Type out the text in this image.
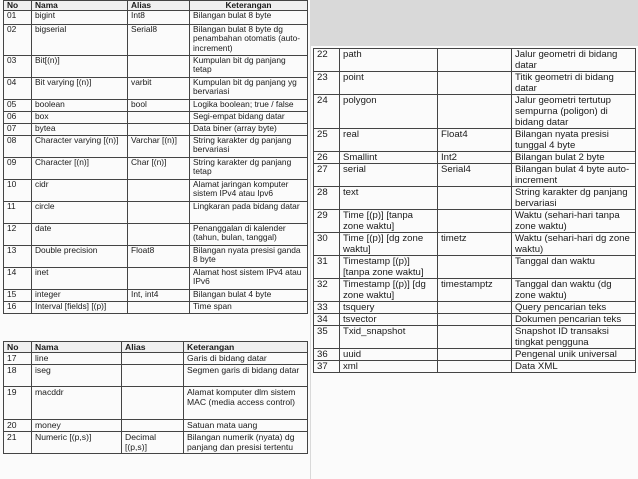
No	Nama	Alias	Keterangan
01	bigint	Int8	Bilangan bulat 8 byte
02	bigserial	Serial8	Bilangan bulat 8 byte dg penambahan otomatis (auto-increment)
03	Bit[(n)]		Kumpulan bit dg panjang tetap
04	Bit varying [(n)]	varbit	Kumpulan bit dg panjang yg bervariasi
05	boolean	bool	Logika boolean; true / false
06	box		Segi-empat bidang datar
07	bytea		Data biner (array byte)
08	Character varying [(n)]	Varchar [(n)]	String karakter dg panjang bervariasi
09	Character [(n)]	Char [(n)]	String karakter dg panjang tetap
10	cidr		Alamat jaringan komputer sistem IPv4 atau Ipv6
11	circle		Lingkaran pada bidang datar
12	date		Penanggalan di kalender (tahun, bulan, tanggal)
13	Double precision	Float8	Bilangan nyata presisi ganda 8 byte
14	inet		Alamat host sistem IPv4 atau IPv6
15	integer	Int, int4	Bilangan bulat 4 byte
16	Interval [fields] [(p)]		Time span
No	Nama	Alias	Keterangan
17	line		Garis di bidang datar
18	iseg		Segmen garis di bidang datar
19	macddr		Alamat komputer dlm sistem MAC (media access control)
20	money		Satuan mata uang
21	Numeric [(p,s)]	Decimal [(p,s)]	Bilangan numerik (nyata) dg panjang dan presisi tertentu
22	path		Jalur geometri di bidang datar
23	point		Titik geometri di bidang datar
24	polygon		Jalur geometri tertutup sempurna (poligon) di bidang datar
25	real	Float4	Bilangan nyata presisi tunggal 4 byte
26	Smallint	Int2	Bilangan bulat 2 byte
27	serial	Serial4	Bilangan bulat 4 byte auto-increment
28	text		String karakter dg panjang bervariasi
29	Time [(p)] [tanpa zone waktu]		Waktu (sehari-hari tanpa zone waktu)
30	Time [(p)] [dg zone waktu]	timetz	Waktu (sehari-hari dg zone waktu)
31	Timestamp [(p)] [tanpa zone waktu]		Tanggal dan waktu
32	Timestamp [(p)] [dg zone waktu]	timestamptz	Tanggal dan waktu (dg zone waktu)
33	tsquery		Query pencarian teks
34	tsvector		Dokumen pencarian teks
35	Txid_snapshot		Snapshot ID transaksi tingkat pengguna
36	uuid		Pengenal unik universal
37	xml		Data XML
